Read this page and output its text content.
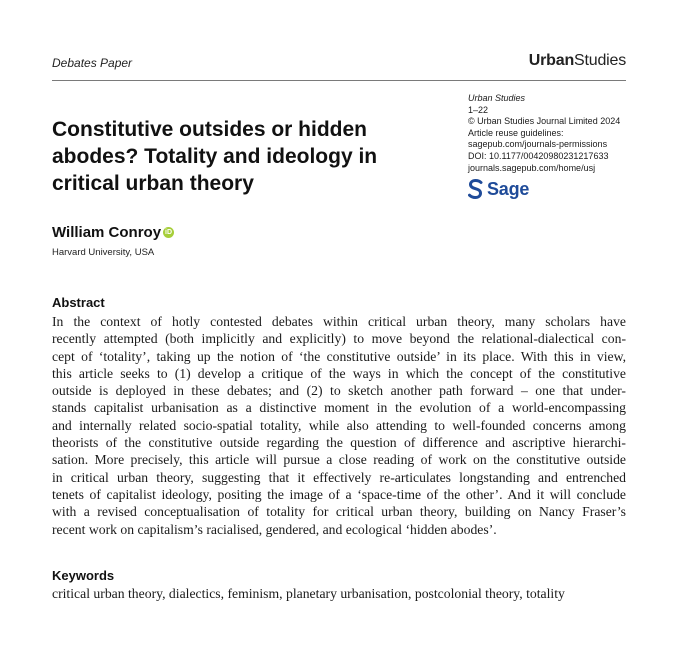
Debates Paper	UrbanStudies
Constitutive outsides or hidden
abodes? Totality and ideology in
critical urban theory
Urban Studies
1–22
© Urban Studies Journal Limited 2024
Article reuse guidelines:
sagepub.com/journals-permissions
DOI: 10.1177/00420980231217633
journals.sagepub.com/home/usj
Sage
William Conroy iD
Harvard University, USA
Abstract
In the context of hotly contested debates within critical urban theory, many scholars have
recently attempted (both implicitly and explicitly) to move beyond the relational-dialectical con-
cept of ‘totality’, taking up the notion of ‘the constitutive outside’ in its place. With this in view,
this article seeks to (1) develop a critique of the ways in which the concept of the constitutive
outside is deployed in these debates; and (2) to sketch another path forward – one that under-
stands capitalist urbanisation as a distinctive moment in the evolution of a world-encompassing
and internally related socio-spatial totality, while also attending to well-founded concerns among
theorists of the constitutive outside regarding the question of difference and ascriptive hierarchi-
sation. More precisely, this article will pursue a close reading of work on the constitutive outside
in critical urban theory, suggesting that it effectively re-articulates longstanding and entrenched
tenets of capitalist ideology, positing the image of a ‘space-time of the other’. And it will conclude
with a revised conceptualisation of totality for critical urban theory, building on Nancy Fraser’s
recent work on capitalism’s racialised, gendered, and ecological ‘hidden abodes’.
Keywords
critical urban theory, dialectics, feminism, planetary urbanisation, postcolonial theory, totality
